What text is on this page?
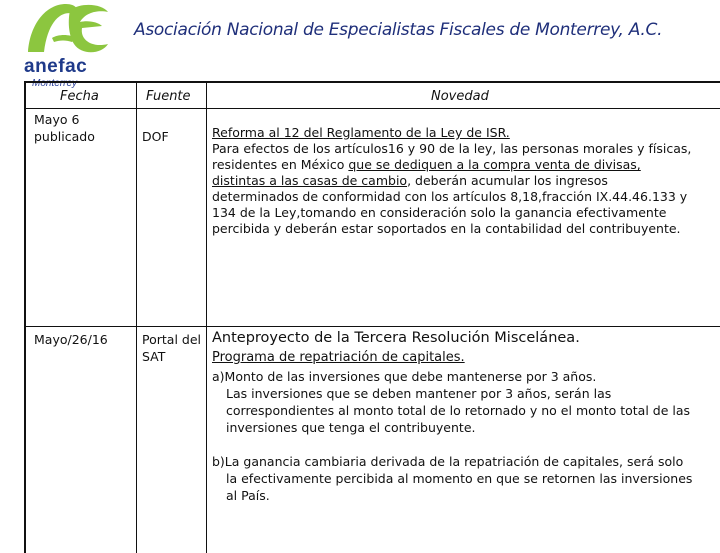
anefac
Monterrey
Asociación Nacional de Especialistas Fiscales de Monterrey, A.C.
Fecha	Fuente	Novedad
Mayo 6 publicado	DOF	Reforma al 12 del Reglamento de la Ley de ISR.

Para efectos de los artículos16 y 90 de la ley, las personas morales y físicas,

residentes en México que se dediquen a la compra venta de divisas,

distintas a las casas de cambio, deberán acumular los ingresos

determinados de conformidad con los artículos 8,18,fracción IX.44.46.133 y

134 de la Ley,tomando en consideración solo la ganancia efectivamente

percibida y deberán estar soportados en la contabilidad del contribuyente.

Mayo/26/16	Portal del SAT

Anteproyecto de la Tercera Resolución Miscelánea.

Programa de repatriación de capitales.

a)Monto de las inversiones que debe mantenerse por 3 años.

Las inversiones que se deben mantener por 3 años, serán las

correspondientes al monto total de lo retornado y no el monto total de las

inversiones que tenga el contribuyente.

b)La ganancia cambiaria derivada de la repatriación de capitales, será solo

la efectivamente percibida al momento en que se retornen las inversiones

al País.
